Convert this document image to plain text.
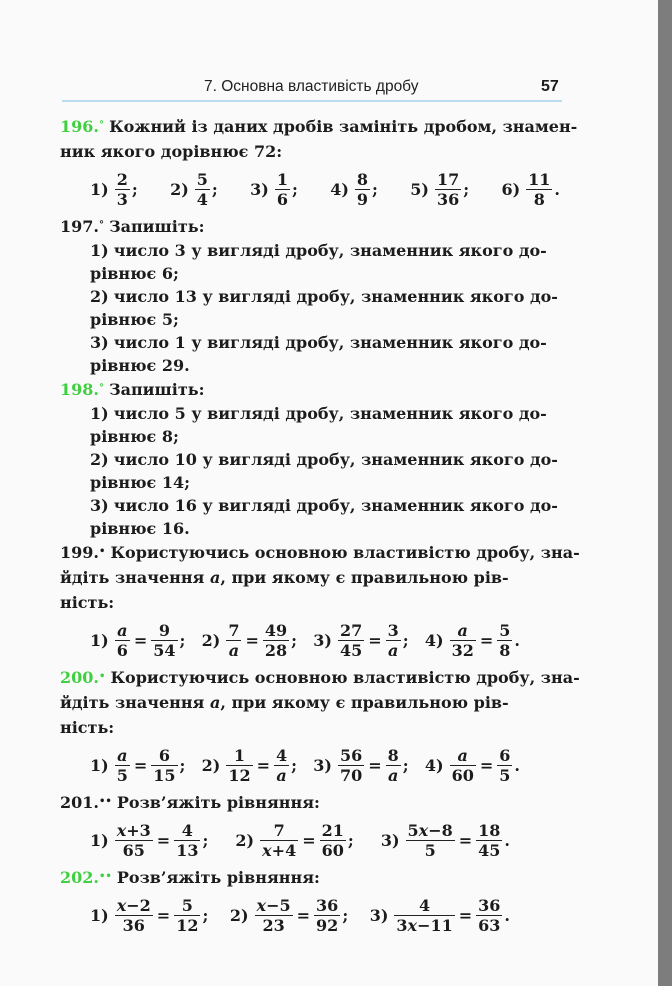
7. Основна властивість дробу	57
196.° Кожний із даних дробів замініть дробом, знамен-
ник якого дорівнює 72:
$1) \frac{2}{3}$ ; $2) \frac{5}{4}$ ; $3) \frac{1}{6}$ ; $4) \frac{8}{9}$ ; $5) \frac{17}{36}$ ; $6) \frac{11}{8}$ .
197.° Запишіть:
1) число 3 у вигляді дробу, знаменник якого до-
рівнює 6;
2) число 13 у вигляді дробу, знаменник якого до-
рівнює 5;
3) число 1 у вигляді дробу, знаменник якого до-
рівнює 29.
198.° Запишіть:
1) число 5 у вигляді дробу, знаменник якого до-
рівнює 8;
2) число 10 у вигляді дробу, знаменник якого до-
рівнює 14;
3) число 16 у вигляді дробу, знаменник якого до-
рівнює 16.
199.• Користуючись основною властивістю дробу, зна-
йдіть значення a, при якому є правильною рів-
ність:
$1) \frac{a}{6} = \frac{9}{54}$ ; $2) \frac{7}{a} = \frac{49}{28}$ ; $3) \frac{27}{45} = \frac{3}{a}$ ; $4) \frac{a}{32} = \frac{5}{8}$ .
200.• Користуючись основною властивістю дробу, зна-
йдіть значення a, при якому є правильною рів-
ність:
$1) \frac{a}{5} = \frac{6}{15}$ ; $2) \frac{1}{12} = \frac{4}{a}$ ; $3) \frac{56}{70} = \frac{8}{a}$ ; $4) \frac{a}{60} = \frac{6}{5}$ .
201.•• Розв’яжіть рівняння:
$1) \frac{x+3}{65} = \frac{4}{13}$ ; $2) \frac{7}{x+4} = \frac{21}{60}$ ; $3) \frac{5x-8}{5} = \frac{18}{45}$ .
202.•• Розв’яжіть рівняння:
$1) \frac{x-2}{36} = \frac{5}{12}$ ; $2) \frac{x-5}{23} = \frac{36}{92}$ ; $3) \frac{4}{3x-11} = \frac{36}{63}$ .
